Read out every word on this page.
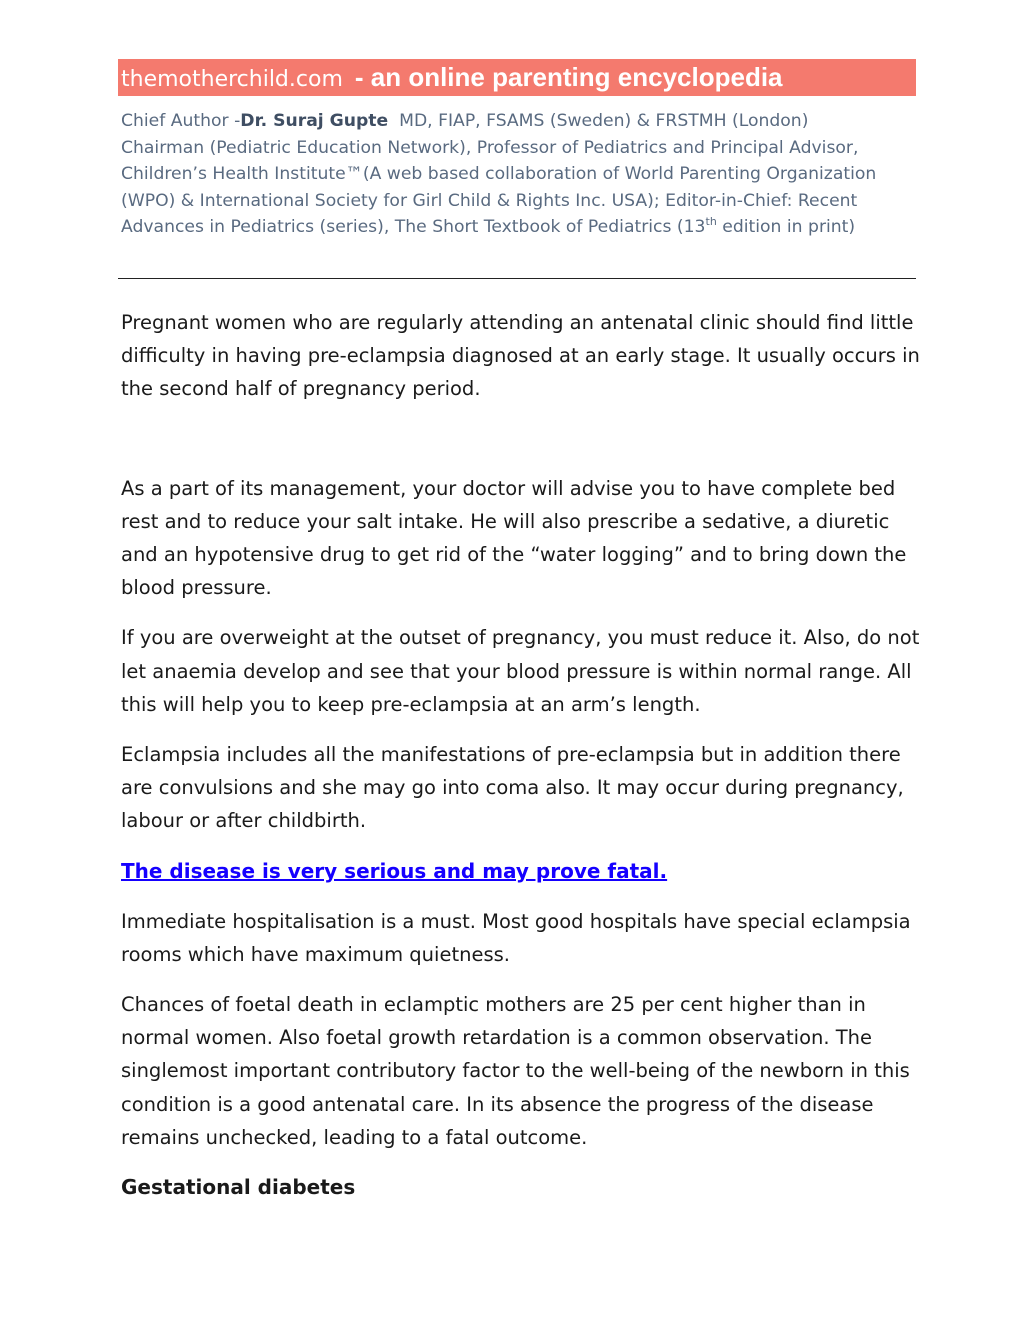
themotherchild.com - an online parenting encyclopedia
Chief Author -Dr. Suraj Gupte  MD, FIAP, FSAMS (Sweden) & FRSTMH (London)
Chairman (Pediatric Education Network), Professor of Pediatrics and Principal Advisor,
Children’s Health Institute™(A web based collaboration of World Parenting Organization
(WPO) & International Society for Girl Child & Rights Inc. USA); Editor-in-Chief: Recent
Advances in Pediatrics (series), The Short Textbook of Pediatrics (13th edition in print)

Pregnant women who are regularly attending an antenatal clinic should find little difficulty in having pre-eclampsia diagnosed at an early stage. It usually occurs in the second half of pregnancy period.

As a part of its management, your doctor will advise you to have complete bed rest and to reduce your salt intake. He will also prescribe a sedative, a diuretic and an hypotensive drug to get rid of the “water logging” and to bring down the blood pressure.

If you are overweight at the outset of pregnancy, you must reduce it. Also, do not let anaemia develop and see that your blood pressure is within normal range. All this will help you to keep pre-eclampsia at an arm’s length.

Eclampsia includes all the manifestations of pre-eclampsia but in addition there are convulsions and she may go into coma also. It may occur during pregnancy, labour or after childbirth.

The disease is very serious and may prove fatal.

Immediate hospitalisation is a must. Most good hospitals have special eclampsia rooms which have maximum quietness.

Chances of foetal death in eclamptic mothers are 25 per cent higher than in normal women. Also foetal growth retardation is a common observation. The singlemost important contributory factor to the well-being of the newborn in this condition is a good antenatal care. In its absence the progress of the disease remains unchecked, leading to a fatal outcome.

Gestational diabetes
